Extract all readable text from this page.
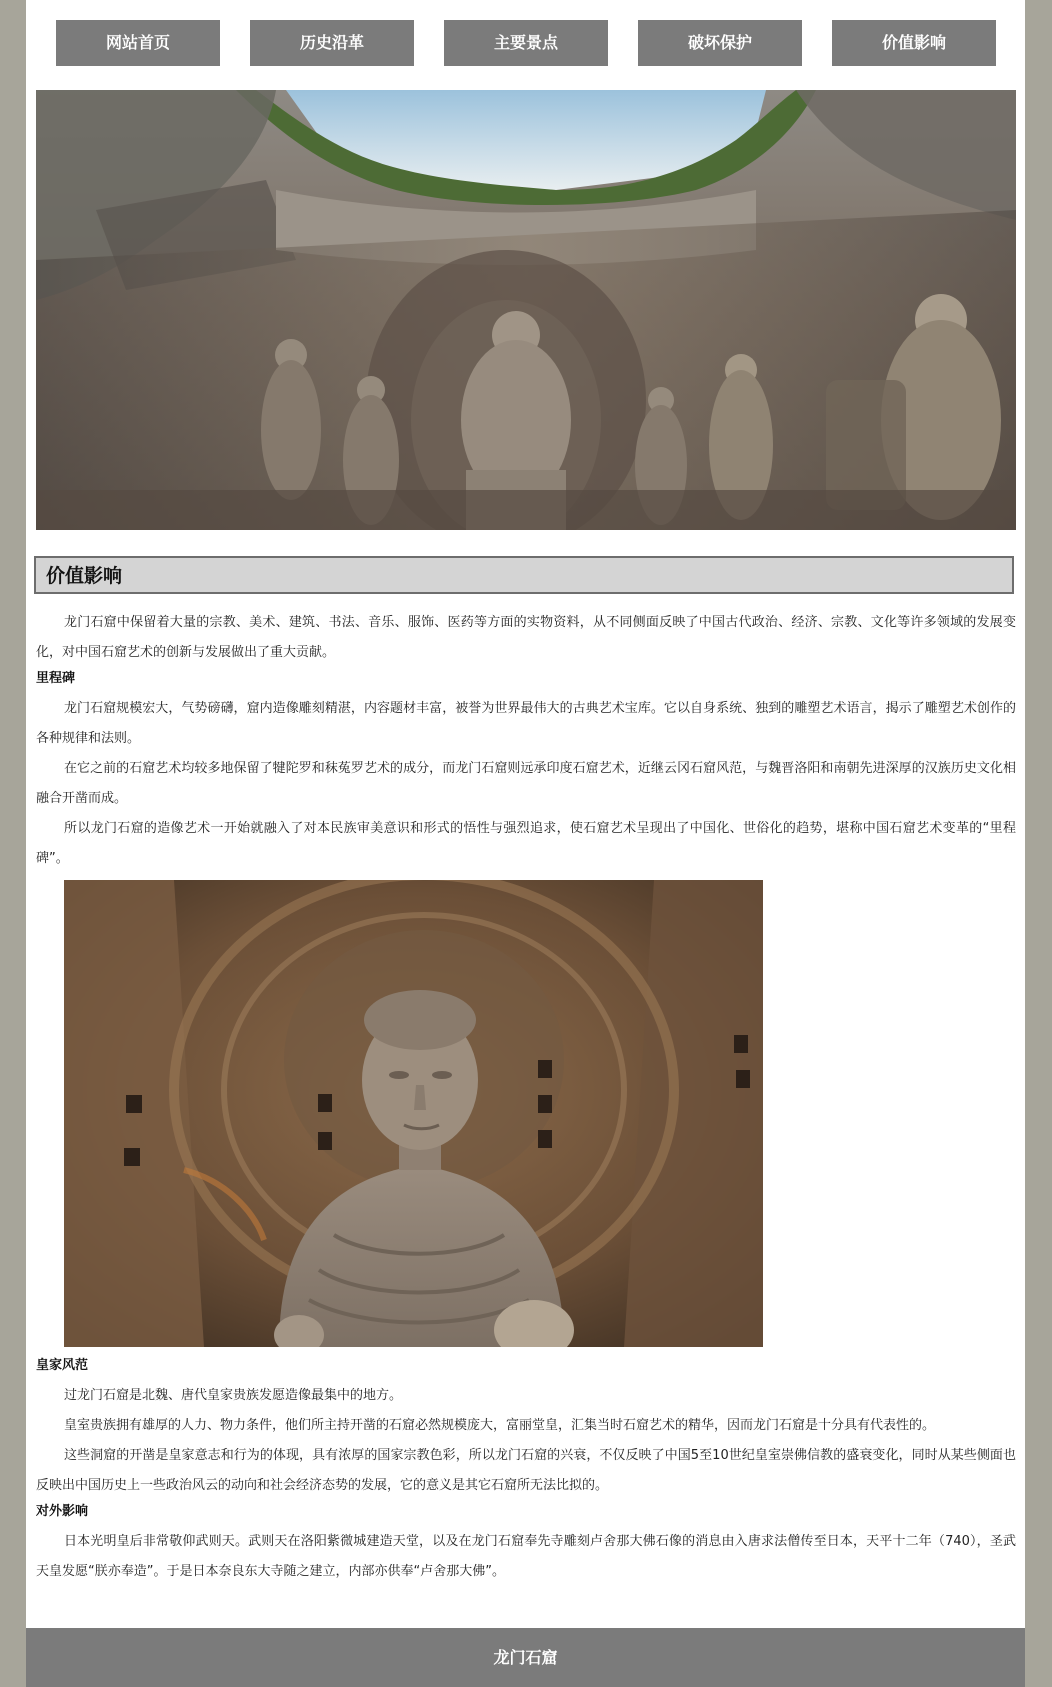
网站首页	历史沿革	主要景点	破坏保护	价值影响
价值影响

龙门石窟中保留着大量的宗教、美术、建筑、书法、音乐、服饰、医药等方面的实物资料，从不同侧面反映了中国古代政治、经济、宗教、文化等许多领域的发展变化，对中国石窟艺术的创新与发展做出了重大贡献。

里程碑

龙门石窟规模宏大，气势磅礴，窟内造像雕刻精湛，内容题材丰富，被誉为世界最伟大的古典艺术宝库。它以自身系统、独到的雕塑艺术语言，揭示了雕塑艺术创作的各种规律和法则。

在它之前的石窟艺术均较多地保留了犍陀罗和秣菟罗艺术的成分，而龙门石窟则远承印度石窟艺术，近继云冈石窟风范，与魏晋洛阳和南朝先进深厚的汉族历史文化相融合开凿而成。

所以龙门石窟的造像艺术一开始就融入了对本民族审美意识和形式的悟性与强烈追求，使石窟艺术呈现出了中国化、世俗化的趋势，堪称中国石窟艺术变革的“里程碑”。

皇家风范

过龙门石窟是北魏、唐代皇家贵族发愿造像最集中的地方。

皇室贵族拥有雄厚的人力、物力条件，他们所主持开凿的石窟必然规模庞大，富丽堂皇，汇集当时石窟艺术的精华，因而龙门石窟是十分具有代表性的。

这些洞窟的开凿是皇家意志和行为的体现，具有浓厚的国家宗教色彩，所以龙门石窟的兴衰，不仅反映了中国5至10世纪皇室崇佛信教的盛衰变化，同时从某些侧面也反映出中国历史上一些政治风云的动向和社会经济态势的发展，它的意义是其它石窟所无法比拟的。

对外影响

日本光明皇后非常敬仰武则天。武则天在洛阳紫微城建造天堂，以及在龙门石窟奉先寺雕刻卢舍那大佛石像的消息由入唐求法僧传至日本，天平十二年（740），圣武天皇发愿“朕亦奉造”。于是日本奈良东大寺随之建立，内部亦供奉“卢舍那大佛”。

龙门石窟
